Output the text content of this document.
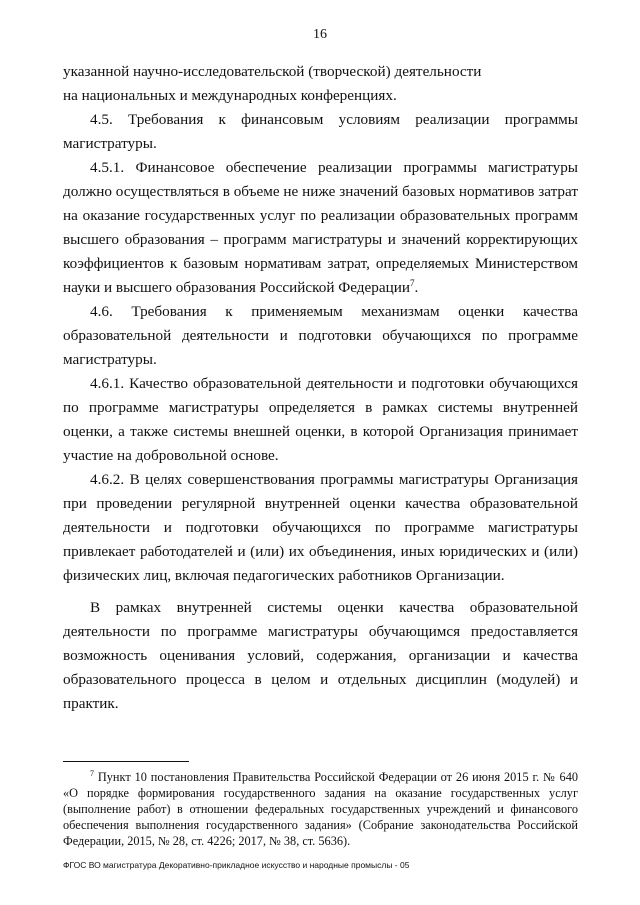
16

указанной научно-исследовательской (творческой) деятельности

на национальных и международных конференциях.

4.5. Требования к финансовым условиям реализации программы магистратуры.

4.5.1. Финансовое обеспечение реализации программы магистратуры должно осуществляться в объеме не ниже значений базовых нормативов затрат на оказание государственных услуг по реализации образовательных программ высшего образования – программ магистратуры и значений корректирующих коэффициентов к базовым нормативам затрат, определяемых Министерством науки и высшего образования Российской Федерации$^7$.

4.6. Требования к применяемым механизмам оценки качества образовательной деятельности и подготовки обучающихся по программе магистратуры.

4.6.1. Качество образовательной деятельности и подготовки обучающихся по программе магистратуры определяется в рамках системы внутренней оценки, а также системы внешней оценки, в которой Организация принимает участие на добровольной основе.

4.6.2. В целях совершенствования программы магистратуры Организация при проведении регулярной внутренней оценки качества образовательной деятельности и подготовки обучающихся по программе магистратуры привлекает работодателей и (или) их объединения, иных юридических и (или) физических лиц, включая педагогических работников Организации.

В рамках внутренней системы оценки качества образовательной деятельности по программе магистратуры обучающимся предоставляется возможность оценивания условий, содержания, организации и качества образовательного процесса в целом и отдельных дисциплин (модулей) и практик.

$^7$ Пункт 10 постановления Правительства Российской Федерации от 26 июня 2015 г. № 640 «О порядке формирования государственного задания на оказание государственных услуг (выполнение работ) в отношении федеральных государственных учреждений и финансового обеспечения выполнения государственного задания» (Собрание законодательства Российской Федерации, 2015, № 28, ст. 4226; 2017, № 38, ст. 5636).
ФГОС ВО магистратура Декоративно-прикладное искусство и народные промыслы - 05
